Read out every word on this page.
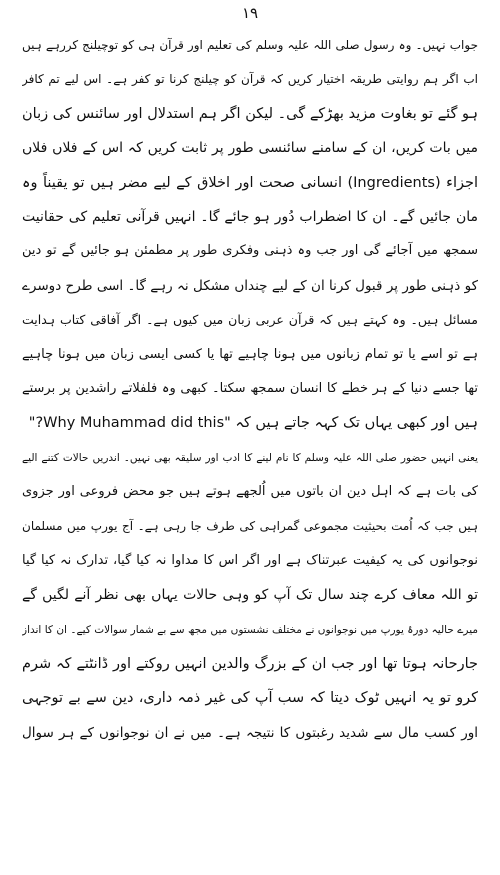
۱۹
جواب نہیں۔ وہ رسول صلی اللہ علیہ وسلم کی تعلیم اور قرآن ہی کو توچیلنج کررہے ہیں
اب اگر ہم روایتی طریقہ اختیار کریں کہ قرآن کو چیلنج کرنا تو کفر ہے۔ اس لیے تم کافر
ہو گئے تو بغاوت مزید بھڑکے گی۔ لیکن اگر ہم استدلال اور سائنس کی زبان
میں بات کریں، ان کے سامنے سائنسی طور پر ثابت کریں کہ اس کے فلاں فلاں
اجزاء (Ingredients) انسانی صحت اور اخلاق کے لیے مضر ہیں تو یقیناً وہ
مان جائیں گے۔ ان کا اضطراب دُور ہو جائے گا۔ انہیں قرآنی تعلیم کی حقانیت
سمجھ میں آجائے گی اور جب وہ ذہنی وفکری طور پر مطمئن ہو جائیں گے تو دین
کو ذہنی طور پر قبول کرنا ان کے لیے چنداں مشکل نہ رہے گا۔ اسی طرح دوسرے
مسائل ہیں۔ وہ کہتے ہیں کہ قرآن عربی زبان میں کیوں ہے۔ اگر آفاقی کتاب ہدایت
ہے تو اسے یا تو تمام زبانوں میں ہونا چاہیے تھا یا کسی ایسی زبان میں ہونا چاہیے
تھا جسے دنیا کے ہر خطے کا انسان سمجھ سکتا۔ کبھی وہ فلفلاتے راشدین پر برستے
ہیں اور کبھی یہاں تک کہہ جاتے ہیں کہ "Why Muhammad did this?"
یعنی انہیں حضور صلی اللہ علیہ وسلم کا نام لینے کا ادب اور سلیقہ بھی نہیں۔ اندریں حالات کتنے الیے
کی بات ہے کہ اہل دین ان باتوں میں اُلجھے ہوتے ہیں جو محض فروعی اور جزوی
ہیں جب کہ اُمت بحیثیت مجموعی گمراہی کی طرف جا رہی ہے۔ آج یورپ میں مسلمان
نوجوانوں کی یہ کیفیت عبرتناک ہے اور اگر اس کا مداوا نہ کیا گیا، تدارک نہ کیا گیا
تو اللہ معاف کرے چند سال تک آپ کو وہی حالات یہاں بھی نظر آنے لگیں گے
میرے حالیہ دورۂ یورپ میں نوجوانوں نے مختلف نشستوں میں مجھ سے بے شمار سوالات کیے۔ ان کا انداز
جارحانہ ہوتا تھا اور جب ان کے بزرگ والدین انہیں روکتے اور ڈانٹتے کہ شرم
کرو تو یہ انہیں ٹوک دیتا کہ سب آپ کی غیر ذمہ داری، دین سے بے توجہی
اور کسب مال سے شدید رغبتوں کا نتیجہ ہے۔ میں نے ان نوجوانوں کے ہر سوال
